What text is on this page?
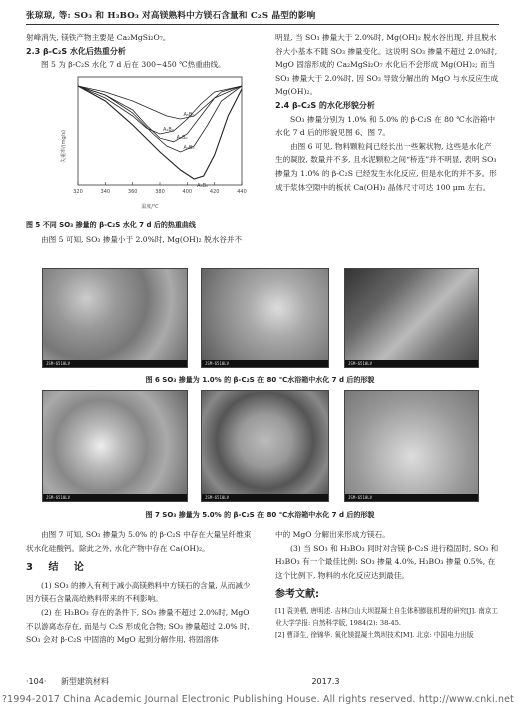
张琼琼, 等: SO₃ 和 H₃BO₃ 对高镁熟料中方镁石含量和 C₂S 晶型的影响
射峰消失, 镁铁产物主要是 Ca₂MgSi₂O₇。
2.3 β-C₂S 水化后热重分析

图 5 为 β-C₂S 水化 7 d 后在 300~450 ℃热重曲线。

320	340	360	380	400	420	440
A₁B₀
A₂B₀
A₃B₀
A₄B₀
A₅B₀
失重率/(mg/s)
温度/℃
图 5 不同 SO₃ 掺量的 β-C₂S 水化 7 d 后的热重曲线

由图 5 可知, SO₃ 掺量小于 2.0%时, Mg(OH)₂ 脱水谷并不

明显, 当 SO₃ 掺量大于 2.0%时, Mg(OH)₂ 脱水谷出现, 并且脱水谷大小基本不随 SO₃ 掺量变化。这说明 SO₃ 掺量不超过 2.0%时, MgO 固溶形成的 Ca₂MgSi₂O₇ 水化后不会形成 Mg(OH)₂; 而当 SO₃ 掺量大于 2.0%时, 因 SO₃ 导致分解出的 MgO 与水反应生成 Mg(OH)₂。
2.4 β-C₂S 的水化形貌分析

SO₃ 掺量分别为 1.0% 和 5.0% 的 β-C₂S 在 80 ℃水浴箱中水化 7 d 后的形貌见图 6、图 7。

由图 6 可见, 物料颗粒间已经长出一些絮状物, 这些是水化产生的凝胶, 数量并不多, 且水泥颗粒之间“桥连”并不明显, 表明 SO₃ 掺量为 1.0% 的 β-C₂S 已经发生水化反应, 但是水化的并不多。形成于浆体空隙中的板状 Ca(OH)₂ 晶体尺寸可达 100 μm 左右。

JSM-6510LV	JSM-6510LV	JSM-6510LV
图 6 SO₃ 掺量为 1.0% 的 β-C₂S 在 80 ℃水浴箱中水化 7 d 后的形貌
JSM-6510LV	JSM-6510LV	JSM-6510LV
图 7 SO₃ 掺量为 5.0% 的 β-C₂S 在 80 ℃水浴箱中水化 7 d 后的形貌

由图 7 可知, SO₃ 掺量为 5.0% 的 β-C₂S 中存在大量呈纤维束状水化硅酸钙。除此之外, 水化产物中存在 Ca(OH)₂。

3 结 论

(1) SO₃ 的掺入有利于减小高镁熟料中方镁石的含量, 从而减少因方镁石含量高给熟料带来的不利影响。

(2) 在 H₃BO₃ 存在的条件下, SO₃ 掺量不超过 2.0%时, MgO 不以游离态存在, 而是与 C₂S 形成化合物; SO₃ 掺量超过 2.0% 时, SO₃ 会对 β-C₂S 中固溶的 MgO 起到分解作用, 将固溶体

中的 MgO 分解出来形成方镁石。

(3) 当 SO₃ 和 H₃BO₃ 同时对含镁 β-C₂S 进行稳固时, SO₃ 和 H₃BO₃ 有一个最佳比例: SO₃ 掺量 4.0%, H₃BO₃ 掺量 0.5%, 在这个比例下, 物料的水化反应达到最佳。

参考文献:
[1] 袁美栖, 唐明述. 吉林白山大坝混凝土自生体积膨胀机理的研究[J]. 南京工业大学学报: 自然科学版, 1984(2): 38-45.
[2] 曹泽生, 徐锦华. 氧化镁混凝土筑坝技术[M]. 北京: 中国电力出版
·104· 新型建筑材料	2017.3
?1994-2017 China Academic Journal Electronic Publishing House. All rights reserved. http://www.cnki.net
